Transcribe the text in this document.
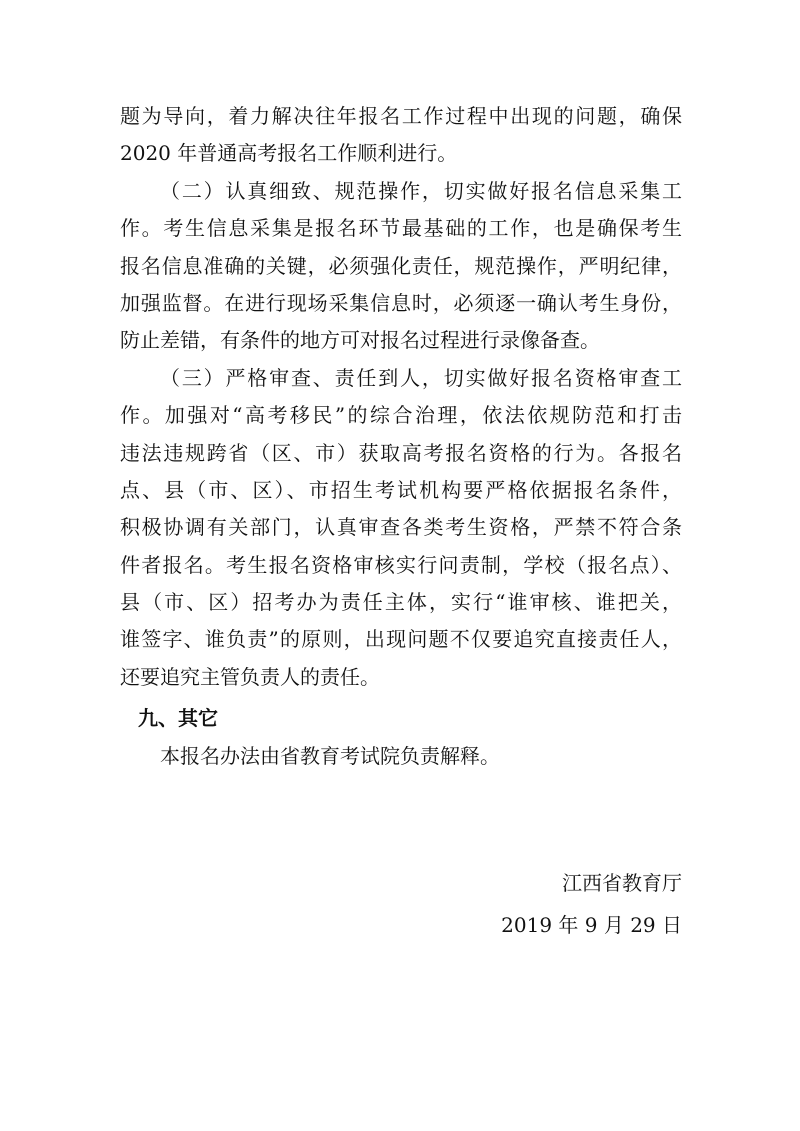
题为导向，着力解决往年报名工作过程中出现的问题，确保
2020 年普通高考报名工作顺利进行。
（二）认真细致、规范操作，切实做好报名信息采集工
作。考生信息采集是报名环节最基础的工作，也是确保考生
报名信息准确的关键，必须强化责任，规范操作，严明纪律，
加强监督。在进行现场采集信息时，必须逐一确认考生身份，
防止差错，有条件的地方可对报名过程进行录像备查。
（三）严格审查、责任到人，切实做好报名资格审查工
作。加强对“高考移民”的综合治理，依法依规防范和打击
违法违规跨省（区、市）获取高考报名资格的行为。各报名
点、县（市、区）、市招生考试机构要严格依据报名条件，
积极协调有关部门，认真审查各类考生资格，严禁不符合条
件者报名。考生报名资格审核实行问责制，学校（报名点）、
县（市、区）招考办为责任主体，实行“谁审核、谁把关，
谁签字、谁负责”的原则，出现问题不仅要追究直接责任人，
还要追究主管负责人的责任。
九、其它
本报名办法由省教育考试院负责解释。
江西省教育厅
2019 年 9 月 29 日
